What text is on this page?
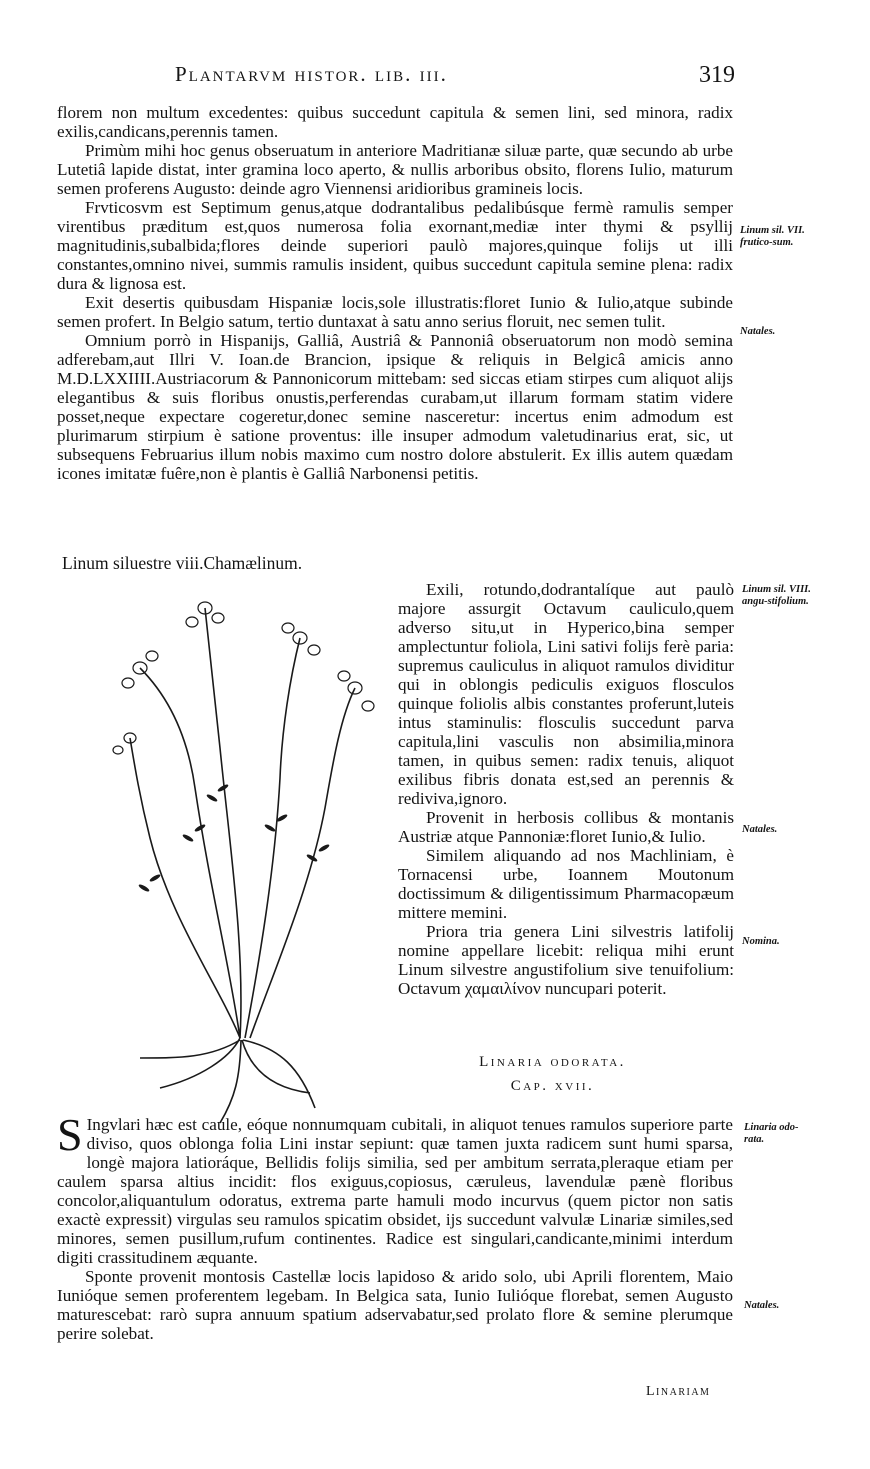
Plantarvm histor. lib. iii.	319

florem non multum excedentes: quibus succedunt capitula & semen lini, sed minora, radix exilis,candicans,perennis tamen.

Primùm mihi hoc genus obseruatum in anteriore Madritianæ siluæ parte, quæ secundo ab urbe Lutetiâ lapide distat, inter gramina loco aperto, & nullis arboribus obsito, florens Iulio, maturum semen proferens Augusto: deinde agro Viennensi aridioribus gramineis locis.

Frvticosvm est Septimum genus,atque dodrantalibus pedalibúsque fermè ramulis semper virentibus præditum est,quos numerosa folia exornant,mediæ inter thymi & psyllij magnitudinis,subalbida;flores deinde superiori paulò majores,quinque folijs ut illi constantes,omnino nivei, summis ramulis insident, quibus succedunt capitula semine plena: radix dura & lignosa est.

Exit desertis quibusdam Hispaniæ locis,sole illustratis:floret Iunio & Iulio,atque subinde semen profert. In Belgio satum, tertio duntaxat à satu anno serius floruit, nec semen tulit.

Omnium porrò in Hispanijs, Galliâ, Austriâ & Pannoniâ obseruatorum non modò semina adferebam,aut Illri V. Ioan.de Brancion, ipsique & reliquis in Belgicâ amicis anno M.D.LXXIIII.Austriacorum & Pannonicorum mittebam: sed siccas etiam stirpes cum aliquot alijs elegantibus & suis floribus onustis,perferendas curabam,ut illarum formam statim videre posset,neque expectare cogeretur,donec semine nasceretur: incertus enim admodum est plurimarum stirpium è satione proventus: ille insuper admodum valetudinarius erat, sic, ut subsequens Februarius illum nobis maximo cum nostro dolore abstulerit. Ex illis autem quædam icones imitatæ fuêre,non è plantis è Galliâ Narbonensi petitis.

Linum sil. VII. frutico-sum.
Natales.
Linum siluestre viii.Chamælinum.

Exili, rotundo,dodrantalíque aut paulò majore assurgit Octavum cauliculo,quem adverso situ,ut in Hyperico,bina semper amplectuntur foliola, Lini sativi folijs ferè paria: supremus cauliculus in aliquot ramulos dividitur qui in oblongis pediculis exiguos flosculos quinque foliolis albis constantes proferunt,luteis intus staminulis: flosculis succedunt parva capitula,lini vasculis non absimilia,minora tamen, in quibus semen: radix tenuis, aliquot exilibus fibris donata est,sed an perennis & rediviva,ignoro.

Provenit in herbosis collibus & montanis Austriæ atque Pannoniæ:floret Iunio,& Iulio.

Similem aliquando ad nos Machliniam, è Tornacensi urbe, Ioannem Moutonum doctissimum & diligentissimum Pharmacopæum mittere memini.

Priora tria genera Lini silvestris latifolij nomine appellare licebit: reliqua mihi erunt Linum silvestre angustifolium sive tenuifolium: Octavum χαμαιλίνον nuncupari poterit.

Linum sil. VIII. angu-stifolium.
Natales.
Nomina.
Linaria odorata.
Cap. xvii.

S Ingvlari hæc est caule, eóque nonnumquam cubitali, in aliquot tenues ramulos superiore parte diviso, quos oblonga folia Lini instar sepiunt: quæ tamen juxta radicem sunt humi sparsa, longè majora latioráque, Bellidis folijs similia, sed per ambitum serrata,pleraque etiam per caulem sparsa altius incidit: flos exiguus,copiosus, cæruleus, lavendulæ pænè floribus concolor,aliquantulum odoratus, extrema parte hamuli modo incurvus (quem pictor non satis exactè expressit) virgulas seu ramulos spicatim obsidet, ijs succedunt valvulæ Linariæ similes,sed minores, semen pusillum,rufum continentes. Radice est singulari,candicante,minimi interdum digiti crassitudinem æquante.

Sponte provenit montosis Castellæ locis lapidoso & arido solo, ubi Aprili florentem, Maio Iunióque semen proferentem legebam. In Belgica sata, Iunio Iulióque florebat, semen Augusto maturescebat: rarò supra annuum spatium adservabatur,sed prolato flore & semine plerumque perire solebat.

Linaria odo-rata.
Natales.
Linariam
